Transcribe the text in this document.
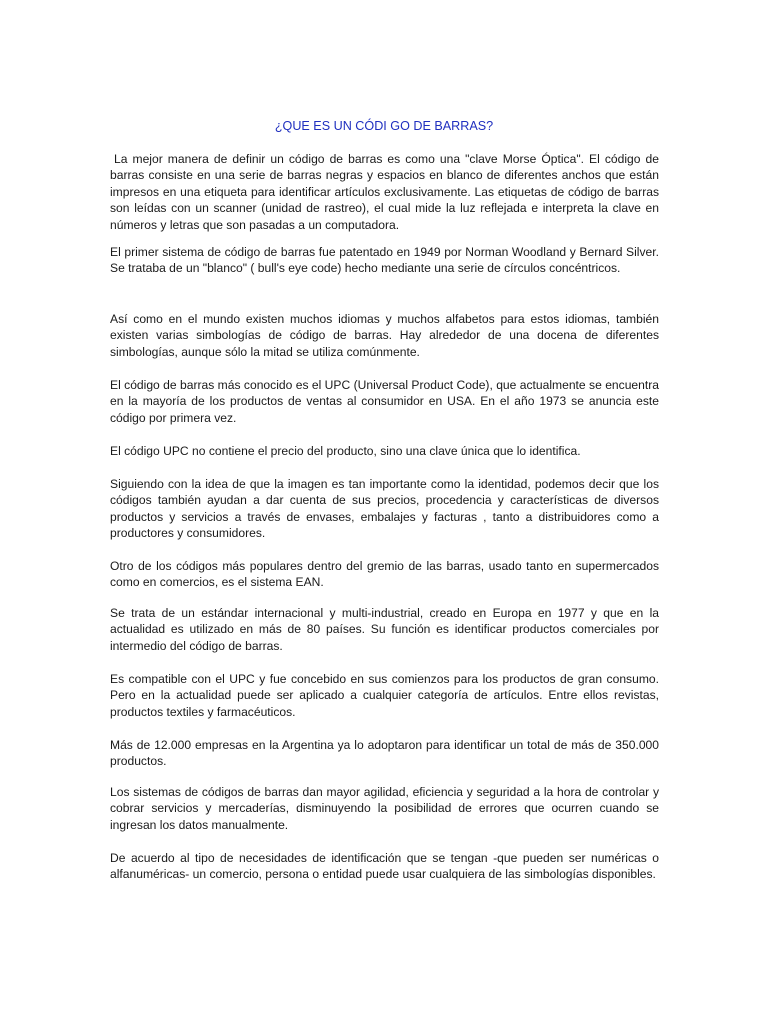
¿QUE ES UN CÓDI GO DE BARRAS?

La mejor manera de definir un código de barras es como una "clave Morse Óptica". El código de barras consiste en una serie de barras negras y espacios en blanco de diferentes anchos que están impresos en una etiqueta para identificar artículos exclusivamente. Las etiquetas de código de barras son leídas con un scanner (unidad de rastreo), el cual mide la luz reflejada e interpreta la clave en números y letras que son pasadas a un computadora.

El primer sistema de código de barras fue patentado en 1949 por Norman Woodland y Bernard Silver. Se trataba de un "blanco" ( bull's eye code) hecho mediante una serie de círculos concéntricos.

Así como en el mundo existen muchos idiomas y muchos alfabetos para estos idiomas, también existen varias simbologías de código de barras. Hay alrededor de una docena de diferentes simbologías, aunque sólo la mitad se utiliza comúnmente.

El código de barras más conocido es el UPC (Universal Product Code), que actualmente se encuentra en la mayoría de los productos de ventas al consumidor en USA. En el año 1973 se anuncia este código por primera vez.

El código UPC no contiene el precio del producto, sino una clave única que lo identifica.

Siguiendo con la idea de que la imagen es tan importante como la identidad, podemos decir que los códigos también ayudan a dar cuenta de sus precios, procedencia y características de diversos productos y servicios a través de envases, embalajes y facturas , tanto a distribuidores como a productores y consumidores.

Otro de los códigos más populares dentro del gremio de las barras, usado tanto en supermercados como en comercios, es el sistema EAN.

Se trata de un estándar internacional y multi-industrial, creado en Europa en 1977 y que en la actualidad es utilizado en más de 80 países. Su función es identificar productos comerciales por intermedio del código de barras.

Es compatible con el UPC y fue concebido en sus comienzos para los productos de gran consumo. Pero en la actualidad puede ser aplicado a cualquier categoría de artículos. Entre ellos revistas, productos textiles y farmacéuticos.

Más de 12.000 empresas en la Argentina ya lo adoptaron para identificar un total de más de 350.000 productos.

Los sistemas de códigos de barras dan mayor agilidad, eficiencia y seguridad a la hora de controlar y cobrar servicios y mercaderías, disminuyendo la posibilidad de errores que ocurren cuando se ingresan los datos manualmente.

De acuerdo al tipo de necesidades de identificación que se tengan -que pueden ser numéricas o alfanuméricas- un comercio, persona o entidad puede usar cualquiera de las simbologías disponibles.
